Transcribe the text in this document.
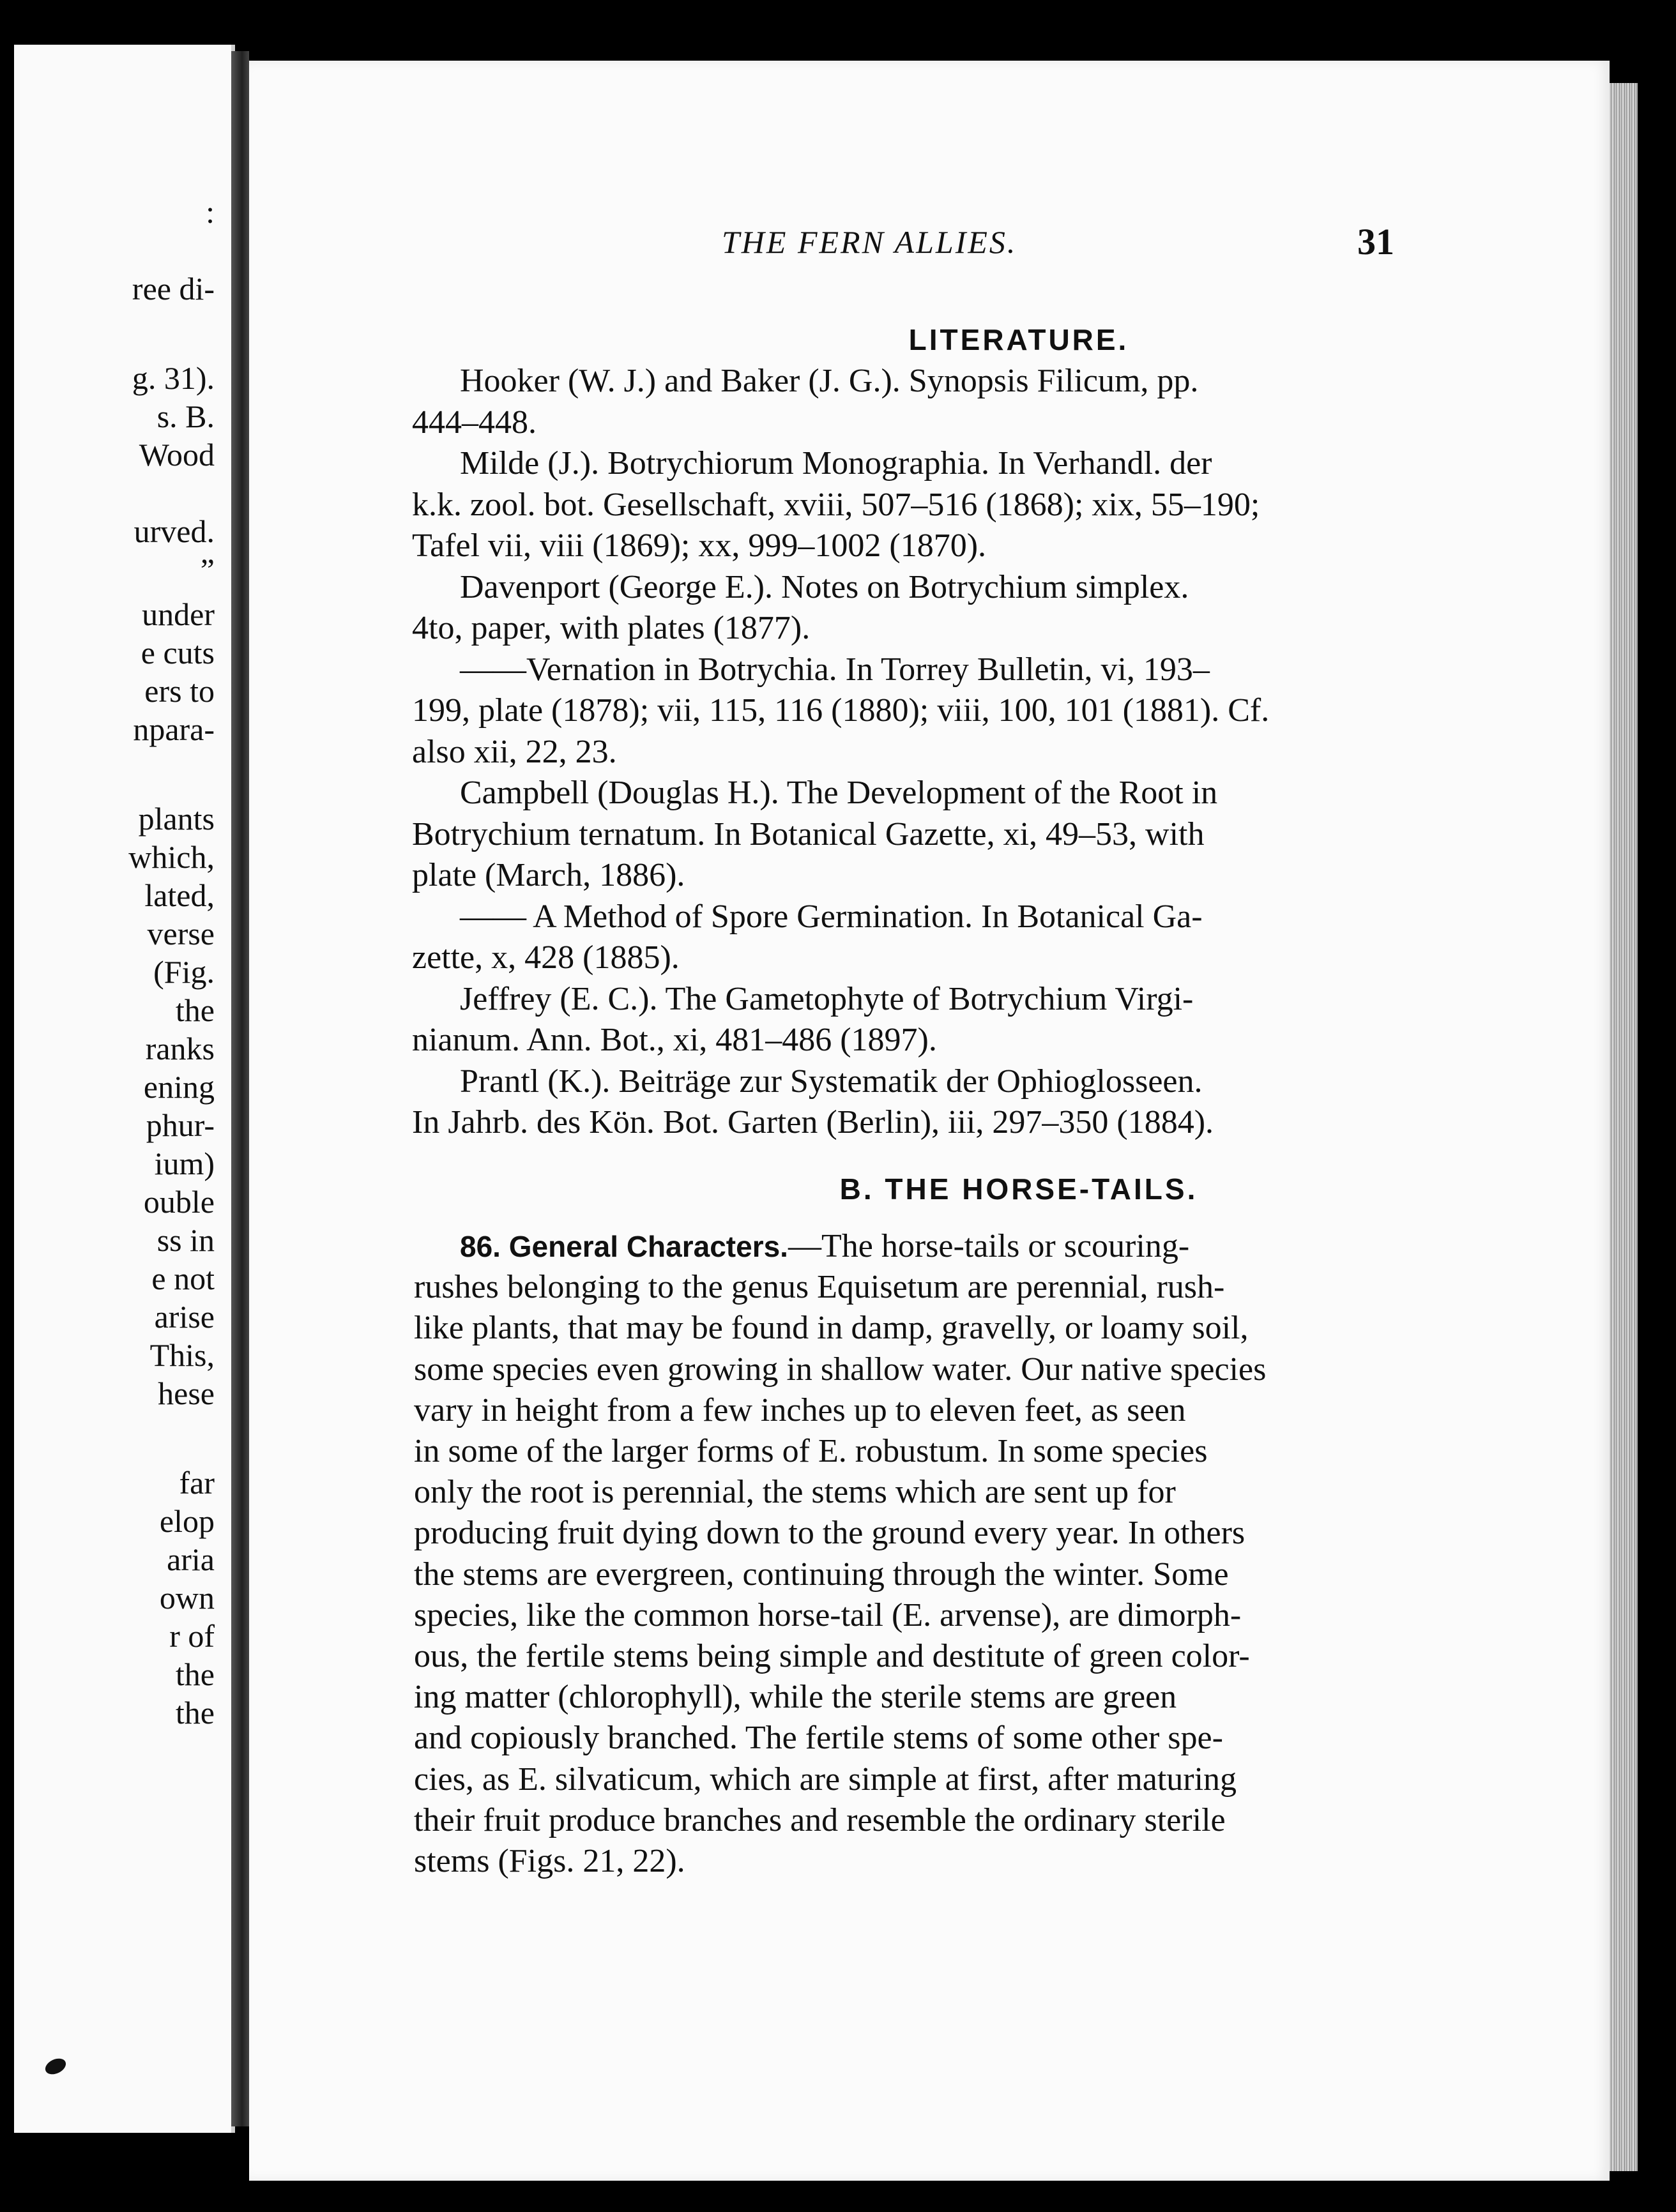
:
ree di-
g. 31).
s. B.
Wood
urved.
”
under
e cuts
ers to
npara-
plants
which,
lated,
verse
(Fig.
the
ranks
ening
phur-
ium)
ouble
ss in
e not
arise
This,
hese
far
elop
aria
own
r of
the
the
THE FERN ALLIES.	31
LITERATURE.
Hooker (W. J.) and Baker (J. G.). Synopsis Filicum, pp.
444–448.
Milde (J.). Botrychiorum Monographia. In Verhandl. der
k.k. zool. bot. Gesellschaft, xviii, 507–516 (1868); xix, 55–190;
Tafel vii, viii (1869); xx, 999–1002 (1870).
Davenport (George E.). Notes on Botrychium simplex.
4to, paper, with plates (1877).
——Vernation in Botrychia. In Torrey Bulletin, vi, 193–
199, plate (1878); vii, 115, 116 (1880); viii, 100, 101 (1881). Cf.
also xii, 22, 23.
Campbell (Douglas H.). The Development of the Root in
Botrychium ternatum. In Botanical Gazette, xi, 49–53, with
plate (March, 1886).
—— A Method of Spore Germination. In Botanical Ga-
zette, x, 428 (1885).
Jeffrey (E. C.). The Gametophyte of Botrychium Virgi-
nianum. Ann. Bot., xi, 481–486 (1897).
Prantl (K.). Beiträge zur Systematik der Ophioglosseen.
In Jahrb. des Kön. Bot. Garten (Berlin), iii, 297–350 (1884).
B. THE HORSE-TAILS.
86. General Characters.—The horse-tails or scouring-
rushes belonging to the genus Equisetum are perennial, rush-
like plants, that may be found in damp, gravelly, or loamy soil,
some species even growing in shallow water. Our native species
vary in height from a few inches up to eleven feet, as seen
in some of the larger forms of E. robustum. In some species
only the root is perennial, the stems which are sent up for
producing fruit dying down to the ground every year. In others
the stems are evergreen, continuing through the winter. Some
species, like the common horse-tail (E. arvense), are dimorph-
ous, the fertile stems being simple and destitute of green color-
ing matter (chlorophyll), while the sterile stems are green
and copiously branched. The fertile stems of some other spe-
cies, as E. silvaticum, which are simple at first, after maturing
their fruit produce branches and resemble the ordinary sterile
stems (Figs. 21, 22).
